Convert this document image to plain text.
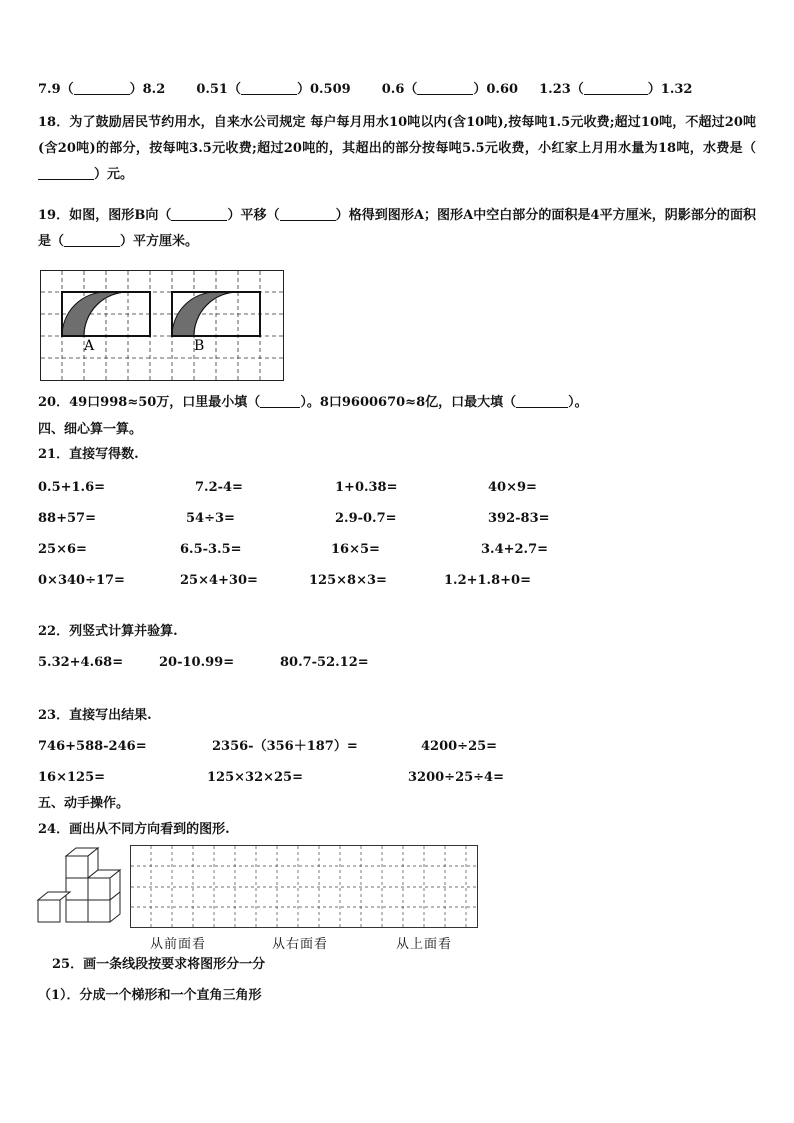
7.9（	）8.2 0.51（	）0.509 0.6（	）0.60 1.23（	）1.32
18．为了鼓励居民节约用水，自来水公司规定 每户每月用水10吨以内(含10吨),按每吨1.5元收费;超过10吨，不超过20吨(含20吨)的部分，按每吨3.5元收费;超过20吨的，其超出的部分按每吨5.5元收费，小红家上月用水量为18吨，水费是（）元。
19．如图，图形B向（	）平移（	）格得到图形A；图形A中空白部分的面积是4平方厘米，阴影部分的面积是（	）平方厘米。
A	B
20．49口998≈50万，口里最小填（	）。8口9600670≈8亿，口最大填（	）。
四、细心算一算。
21．直接写得数.
0.5+1.6=	7.2-4=	1+0.38=	40×9=
88+57=	54÷3=	2.9-0.7=	392-83=
25×6=	6.5-3.5=	16×5=	3.4+2.7=
0×340÷17=	25×4+30=	125×8×3=	1.2+1.8+0=
22．列竖式计算并验算.
5.32+4.68=	20-10.99=	80.7-52.12=
23．直接写出结果.
746+588-246=	2356-（356＋187）=	4200÷25=
16×125=	125×32×25=	3200÷25÷4=
五、动手操作。
24．画出从不同方向看到的图形.
从前面看	从右面看	从上面看
25．画一条线段按要求将图形分一分
（1）．分成一个梯形和一个直角三角形
